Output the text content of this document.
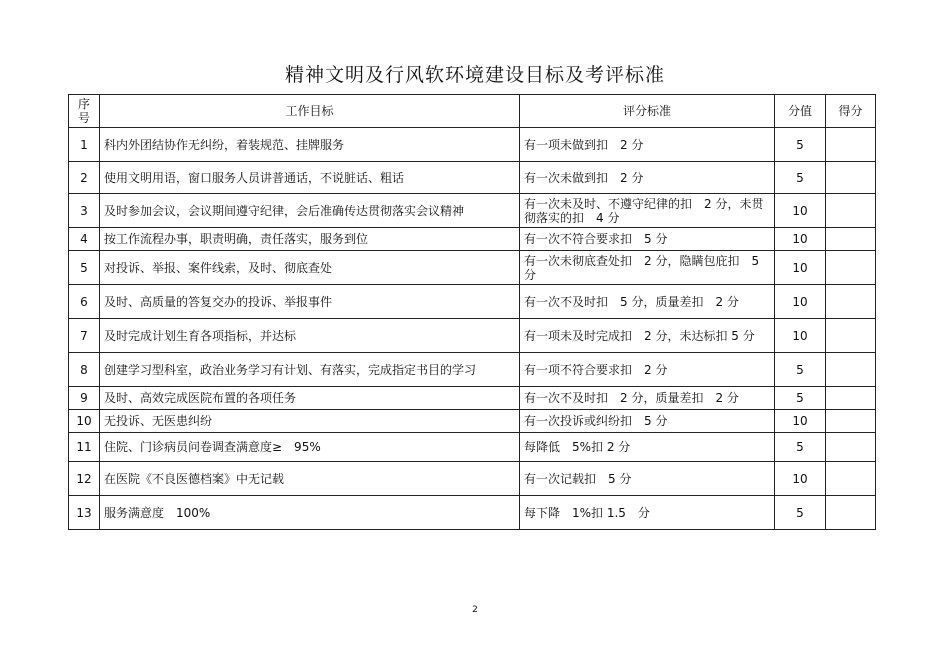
精神文明及行风软环境建设目标及考评标准
序号	工作目标	评分标准	分值	得分
1	科内外团结协作无纠纷，着装规范、挂牌服务	有一项未做到扣　2 分	5	
2	使用文明用语，窗口服务人员讲普通话，不说脏话、粗话	有一次未做到扣　2 分	5	
3	及时参加会议，会议期间遵守纪律，会后准确传达贯彻落实会议精神	有一次未及时、不遵守纪律的扣　2 分，未贯彻落实的扣　4 分	10	
4	按工作流程办事，职责明确，责任落实，服务到位	有一次不符合要求扣　5 分	10	
5	对投诉、举报、案件线索，及时、彻底查处	有一次未彻底查处扣　2 分，隐瞒包庇扣　5 分	10	
6	及时、高质量的答复交办的投诉、举报事件	有一次不及时扣　5 分，质量差扣　2 分	10	
7	及时完成计划生育各项指标，并达标	有一项未及时完成扣　2 分，未达标扣 5 分	10	
8	创建学习型科室，政治业务学习有计划、有落实，完成指定书目的学习	有一项不符合要求扣　2 分	5	
9	及时、高效完成医院布置的各项任务	有一次不及时扣　2 分，质量差扣　2 分	5	
10	无投诉、无医患纠纷	有一次投诉或纠纷扣　5 分	10	
11	住院、门诊病员问卷调查满意度≥　95%	每降低　5%扣 2 分	5	
12	在医院《不良医德档案》中无记载	有一次记载扣　5 分	10	
13	服务满意度　100%	每下降　1%扣 1.5　分	5	
2
